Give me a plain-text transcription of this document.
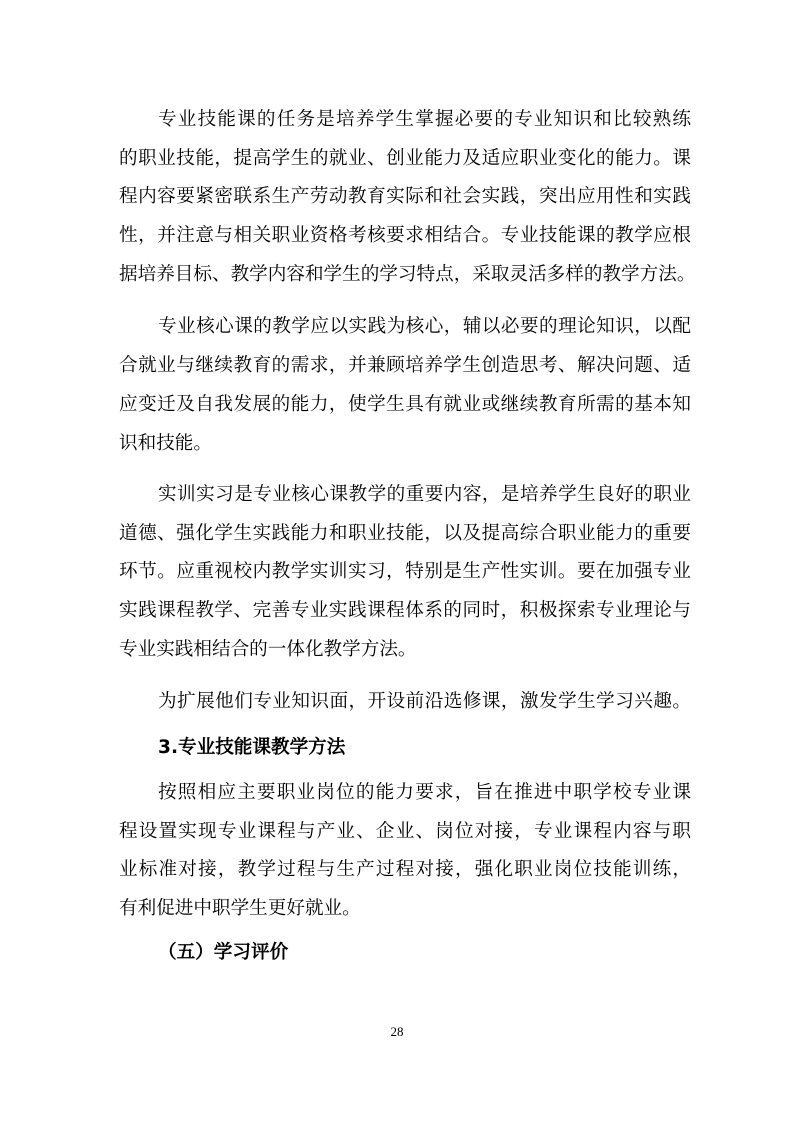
专业技能课的任务是培养学生掌握必要的专业知识和比较熟练
的职业技能，提高学生的就业、创业能力及适应职业变化的能力。课
程内容要紧密联系生产劳动教育实际和社会实践，突出应用性和实践
性，并注意与相关职业资格考核要求相结合。专业技能课的教学应根
据培养目标、教学内容和学生的学习特点，采取灵活多样的教学方法。
专业核心课的教学应以实践为核心，辅以必要的理论知识，以配
合就业与继续教育的需求，并兼顾培养学生创造思考、解决问题、适
应变迁及自我发展的能力，使学生具有就业或继续教育所需的基本知
识和技能。
实训实习是专业核心课教学的重要内容，是培养学生良好的职业
道德、强化学生实践能力和职业技能，以及提高综合职业能力的重要
环节。应重视校内教学实训实习，特别是生产性实训。要在加强专业
实践课程教学、完善专业实践课程体系的同时，积极探索专业理论与
专业实践相结合的一体化教学方法。
为扩展他们专业知识面，开设前沿选修课，激发学生学习兴趣。
3.专业技能课教学方法
按照相应主要职业岗位的能力要求，旨在推进中职学校专业课
程设置实现专业课程与产业、企业、岗位对接，专业课程内容与职
业标准对接，教学过程与生产过程对接，强化职业岗位技能训练，
有利促进中职学生更好就业。
（五）学习评价
28
